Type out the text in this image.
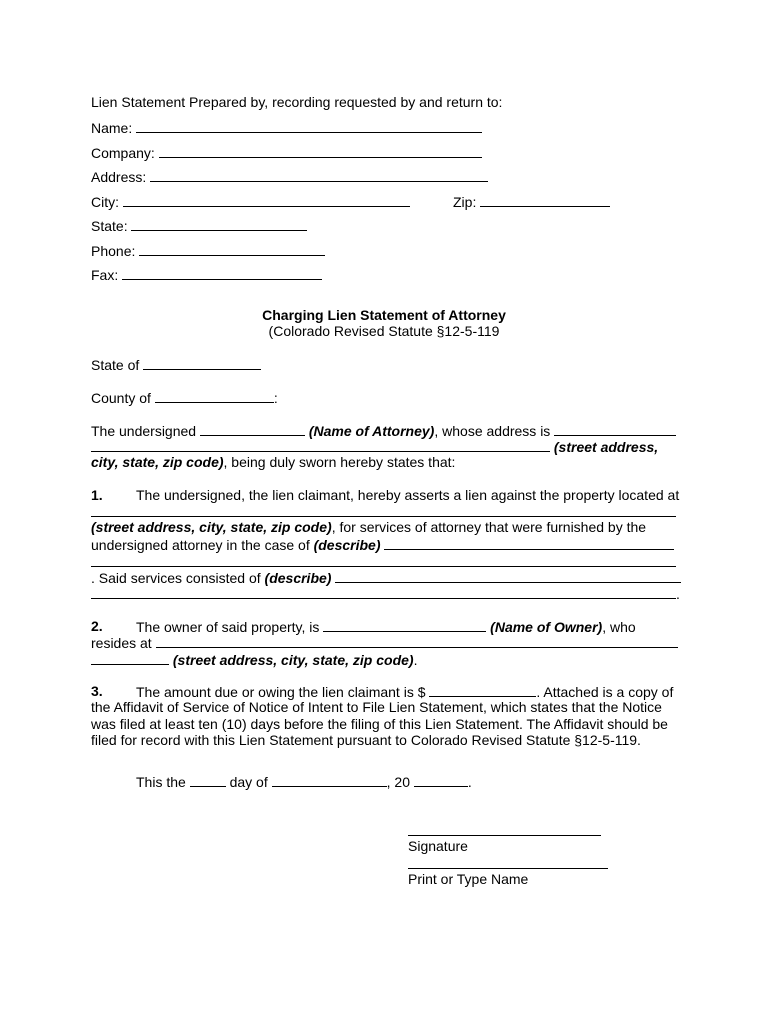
Lien Statement Prepared by, recording requested by and return to:
Name:
Company:
Address:
City:	Zip:
State:
Phone:
Fax:
Charging Lien Statement of Attorney
(Colorado Revised Statute §12-5-119
State of
County of	:
The undersigned	(Name of Attorney), whose address is
(street address,
city, state, zip code), being duly sworn hereby states that:
1. The undersigned, the lien claimant, hereby asserts a lien against the property located at
(street address, city, state, zip code), for services of attorney that were furnished by the
undersigned attorney in the case of (describe)
. Said services consisted of (describe)
.
2. The owner of said property, is	(Name of Owner), who
resides at
(street address, city, state, zip code).
3. The amount due or owing the lien claimant is $	. Attached is a copy of
the Affidavit of Service of Notice of Intent to File Lien Statement, which states that the Notice
was filed at least ten (10) days before the filing of this Lien Statement. The Affidavit should be
filed for record with this Lien Statement pursuant to Colorado Revised Statute §12-5-119.
This the	day of	, 20	.
Signature
Print or Type Name
